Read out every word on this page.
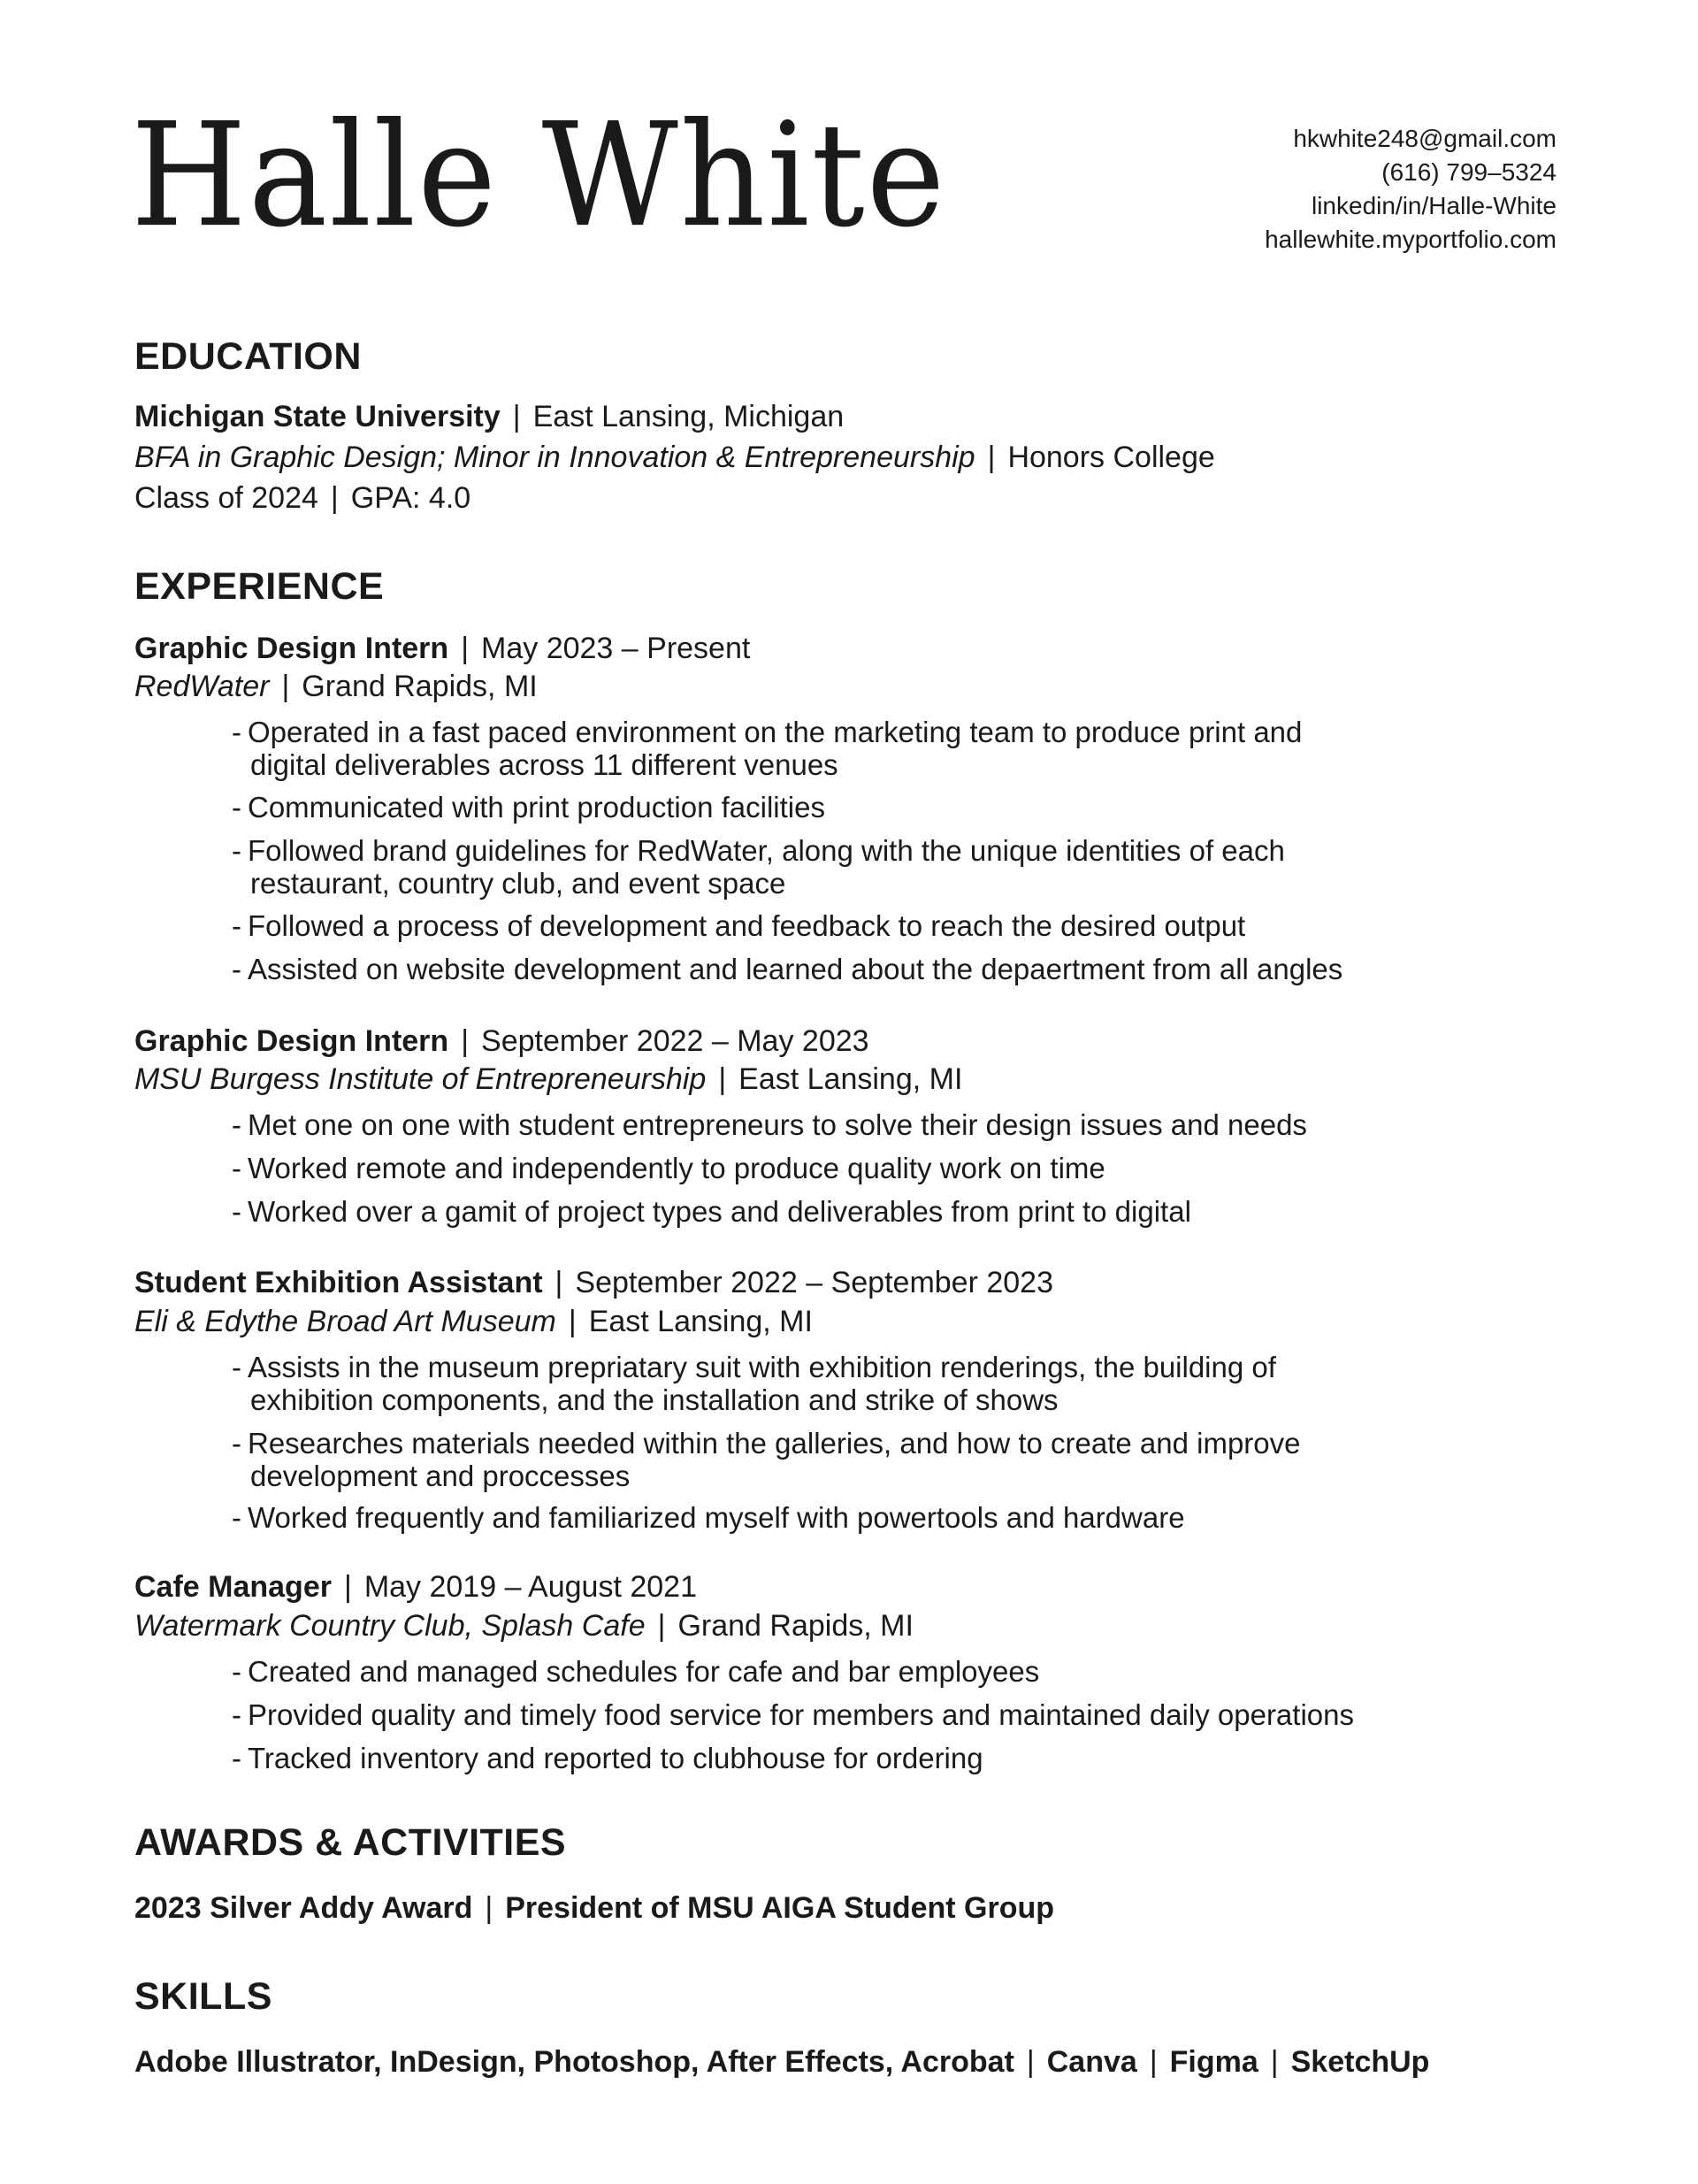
Halle White	hkwhite248@gmail.com
(616) 799–5324
linkedin/in/Halle-White
hallewhite.myportfolio.com
EDUCATION
Michigan State University | East Lansing, Michigan
BFA in Graphic Design; Minor in Innovation & Entrepreneurship | Honors College
Class of 2024 | GPA: 4.0
EXPERIENCE
Graphic Design Intern | May 2023 – Present
RedWater | Grand Rapids, MI
- Operated in a fast paced environment on the marketing team to produce print and
digital deliverables across 11 different venues
- Communicated with print production facilities
- Followed brand guidelines for RedWater, along with the unique identities of each
restaurant, country club, and event space
- Followed a process of development and feedback to reach the desired output
- Assisted on website development and learned about the depaertment from all angles
Graphic Design Intern | September 2022 – May 2023
MSU Burgess Institute of Entrepreneurship | East Lansing, MI
- Met one on one with student entrepreneurs to solve their design issues and needs
- Worked remote and independently to produce quality work on time
- Worked over a gamit of project types and deliverables from print to digital
Student Exhibition Assistant | September 2022 – September 2023
Eli & Edythe Broad Art Museum | East Lansing, MI
- Assists in the museum prepriatary suit with exhibition renderings, the building of
exhibition components, and the installation and strike of shows
- Researches materials needed within the galleries, and how to create and improve
development and proccesses
- Worked frequently and familiarized myself with powertools and hardware
Cafe Manager | May 2019 – August 2021
Watermark Country Club, Splash Cafe | Grand Rapids, MI
- Created and managed schedules for cafe and bar employees
- Provided quality and timely food service for members and maintained daily operations
- Tracked inventory and reported to clubhouse for ordering
AWARDS & ACTIVITIES
2023 Silver Addy Award | President of MSU AIGA Student Group
SKILLS
Adobe Illustrator, InDesign, Photoshop, After Effects, Acrobat | Canva | Figma | SketchUp
